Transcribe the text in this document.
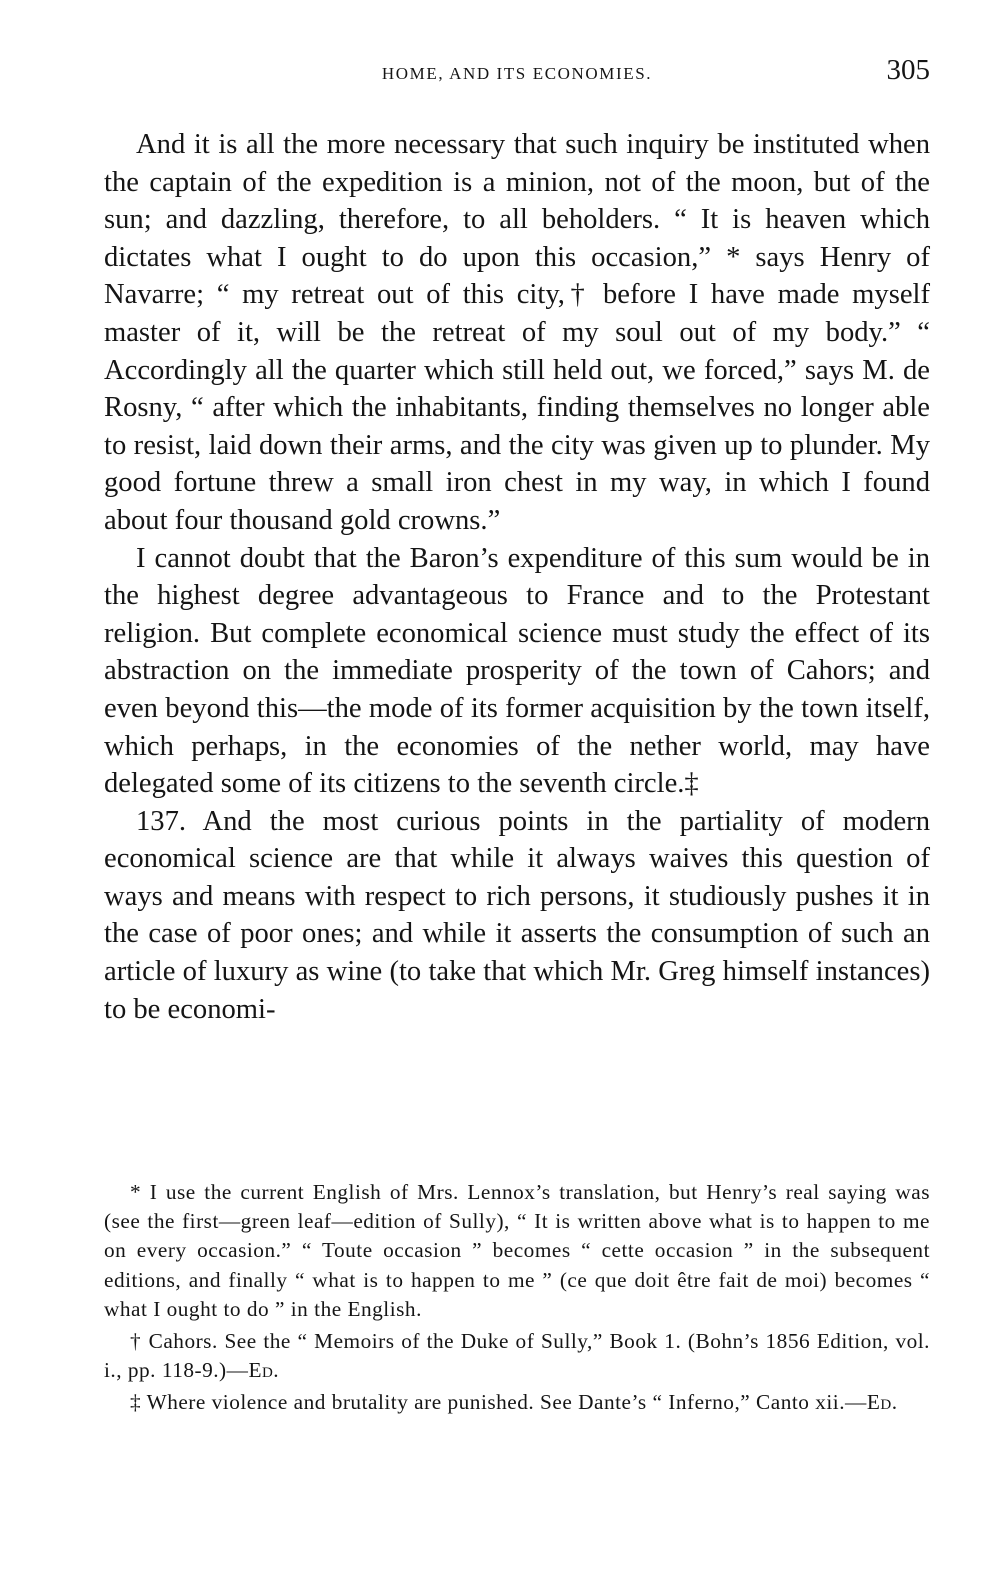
HOME, AND ITS ECONOMIES.	305

And it is all the more necessary that such inquiry be instituted when the captain of the expedition is a minion, not of the moon, but of the sun; and dazzling, therefore, to all beholders. “ It is heaven which dictates what I ought to do upon this occasion,” * says Henry of Navarre; “ my retreat out of this city,† before I have made myself master of it, will be the retreat of my soul out of my body.” “ Accordingly all the quarter which still held out, we forced,” says M. de Rosny, “ after which the inhabitants, finding themselves no longer able to resist, laid down their arms, and the city was given up to plunder. My good fortune threw a small iron chest in my way, in which I found about four thousand gold crowns.”

I cannot doubt that the Baron’s expenditure of this sum would be in the highest degree advantageous to France and to the Protestant religion. But complete economical science must study the effect of its abstraction on the immediate prosperity of the town of Cahors; and even beyond this—the mode of its former acquisition by the town itself, which perhaps, in the economies of the nether world, may have delegated some of its citizens to the seventh circle.‡

137. And the most curious points in the partiality of modern economical science are that while it always waives this question of ways and means with respect to rich persons, it studiously pushes it in the case of poor ones; and while it asserts the consumption of such an article of luxury as wine (to take that which Mr. Greg himself instances) to be economi-

* I use the current English of Mrs. Lennox’s translation, but Henry’s real saying was (see the first—green leaf—edition of Sully), “ It is written above what is to happen to me on every occasion.” “ Toute occasion ” becomes “ cette occasion ” in the subsequent editions, and finally “ what is to happen to me ” (ce que doit être fait de moi) becomes “ what I ought to do ” in the English.

† Cahors. See the “ Memoirs of the Duke of Sully,” Book 1. (Bohn’s 1856 Edition, vol. i., pp. 118-9.)—Ed.

‡ Where violence and brutality are punished. See Dante’s “ Inferno,” Canto xii.—Ed.
